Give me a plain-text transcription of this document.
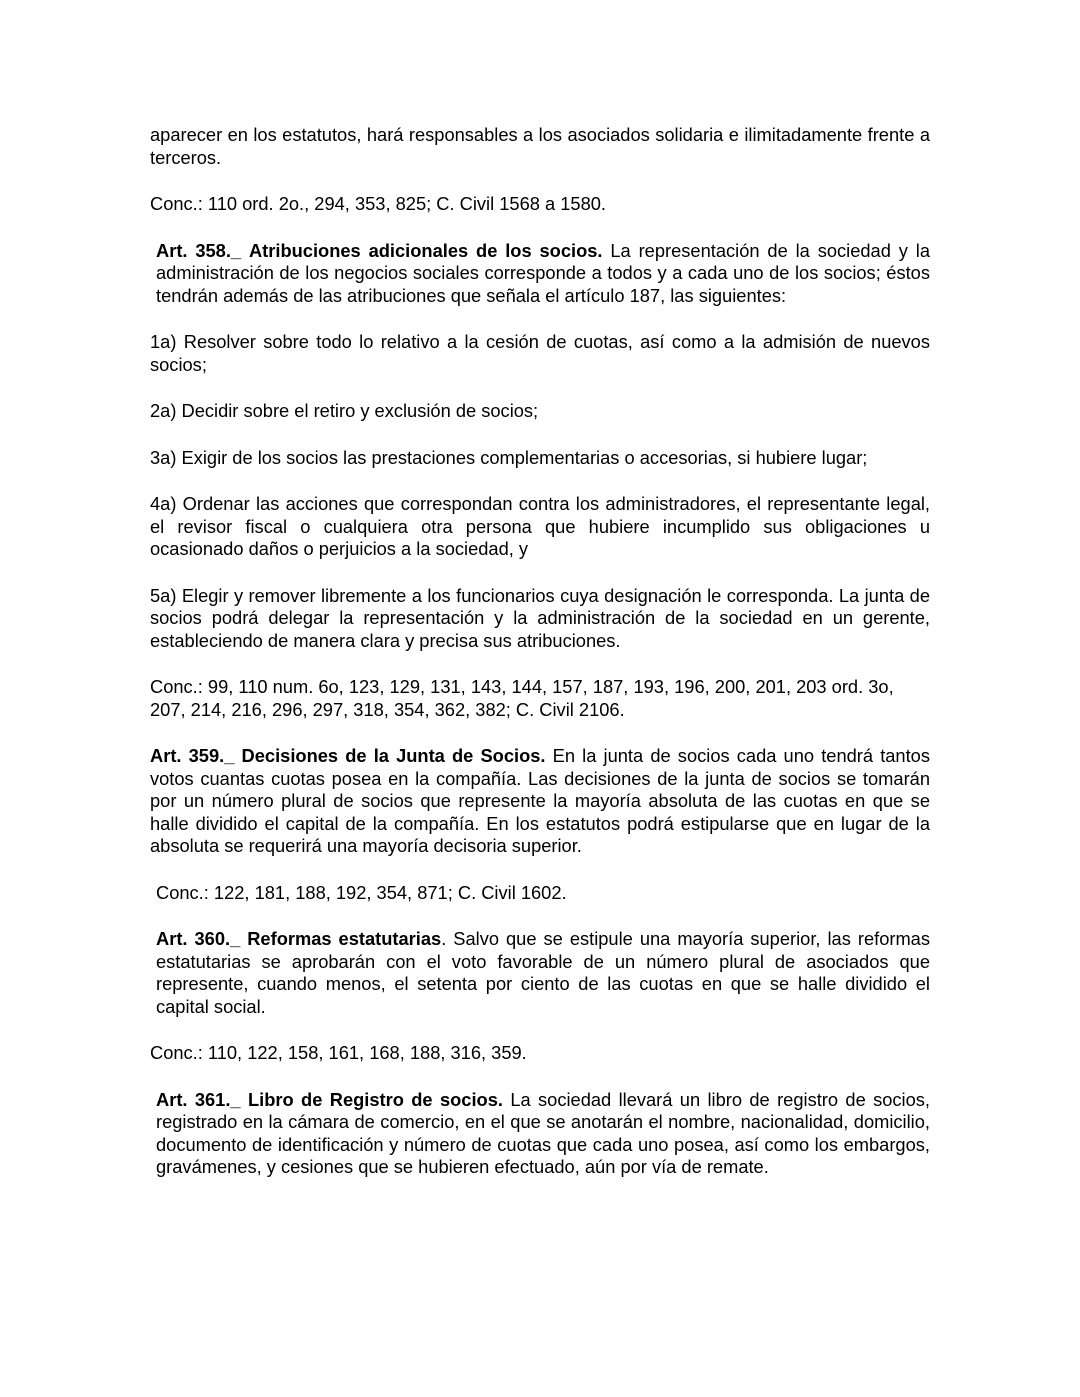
aparecer en los estatutos, hará responsables a los asociados solidaria e ilimitadamente frente a terceros.

Conc.: 110 ord. 2o., 294, 353, 825; C. Civil 1568 a 1580.

Art. 358._ Atribuciones adicionales de los socios. La representación de la sociedad y la administración de los negocios sociales corresponde a todos y a cada uno de los socios; éstos tendrán además de las atribuciones que señala el artículo 187, las siguientes:

1a) Resolver sobre todo lo relativo a la cesión de cuotas, así como a la admisión de nuevos socios;

2a) Decidir sobre el retiro y exclusión de socios;

3a) Exigir de los socios las prestaciones complementarias o accesorias, si hubiere lugar;

4a) Ordenar las acciones que correspondan contra los administradores, el representante legal, el revisor fiscal o cualquiera otra persona que hubiere incumplido sus obligaciones u ocasionado daños o perjuicios a la sociedad, y

5a) Elegir y remover libremente a los funcionarios cuya designación le corresponda. La junta de socios podrá delegar la representación y la administración de la sociedad en un gerente, estableciendo de manera clara y precisa sus atribuciones.

Conc.: 99, 110 num. 6o, 123, 129, 131, 143, 144, 157, 187, 193, 196, 200, 201, 203 ord. 3o, 207, 214, 216, 296, 297, 318, 354, 362, 382; C. Civil 2106.

Art. 359._ Decisiones de la Junta de Socios. En la junta de socios cada uno tendrá tantos votos cuantas cuotas posea en la compañía. Las decisiones de la junta de socios se tomarán por un número plural de socios que represente la mayoría absoluta de las cuotas en que se halle dividido el capital de la compañía. En los estatutos podrá estipularse que en lugar de la absoluta se requerirá una mayoría decisoria superior.

Conc.: 122, 181, 188, 192, 354, 871; C. Civil 1602.

Art. 360._ Reformas estatutarias. Salvo que se estipule una mayoría superior, las reformas estatutarias se aprobarán con el voto favorable de un número plural de asociados que represente, cuando menos, el setenta por ciento de las cuotas en que se halle dividido el capital social.

Conc.: 110, 122, 158, 161, 168, 188, 316, 359.

Art. 361._ Libro de Registro de socios. La sociedad llevará un libro de registro de socios, registrado en la cámara de comercio, en el que se anotarán el nombre, nacionalidad, domicilio, documento de identificación y número de cuotas que cada uno posea, así como los embargos, gravámenes, y cesiones que se hubieren efectuado, aún por vía de remate.
